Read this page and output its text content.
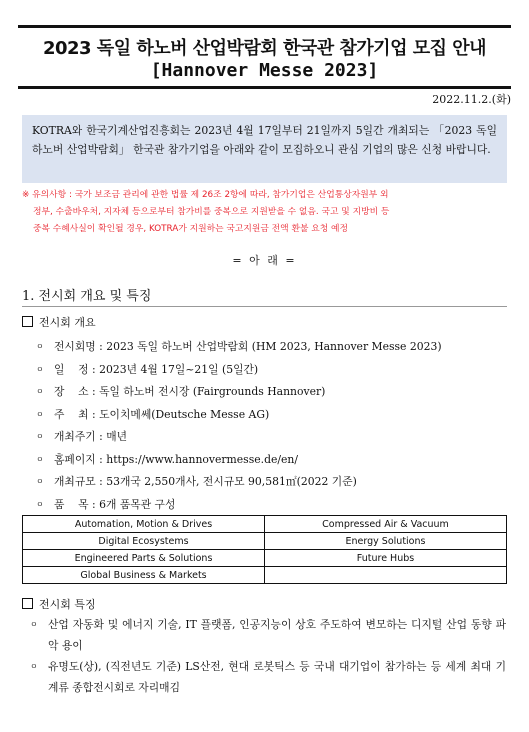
2023 독일 하노버 산업박람회 한국관 참가기업 모집 안내
[Hannover Messe 2023]
2022.11.2.(화)
KOTRA와 한국기계산업진흥회는 2023년 4월 17일부터 21일까지 5일간 개최되는 「2023 독일 하노버 산업박람회」 한국관 참가기업을 아래와 같이 모집하오니 관심 기업의 많은 신청 바랍니다.
※ 유의사항 : 국가 보조금 관리에 관한 법률 제 26조 2항에 따라, 참가기업은 산업통상자원부 외
정부, 수출바우처, 지자체 등으로부터 참가비를 중복으로 지원받을 수 없음. 국고 및 지방비 등
중복 수혜사실이 확인될 경우, KOTRA가 지원하는 국고지원금 전액 환불 요청 예정
= 아 래 =
1. 전시회 개요 및 특징
전시회 개요
ㅇ 전시회명 : 2023 독일 하노버 산업박람회 (HM 2023, Hannover Messe 2023)
ㅇ 일    정 : 2023년 4월 17일~21일 (5일간)
ㅇ 장    소 : 독일 하노버 전시장 (Fairgrounds Hannover)
ㅇ 주    최 : 도이치메쎄(Deutsche Messe AG)
ㅇ 개최주기 : 매년
ㅇ 홈페이지 : https://www.hannovermesse.de/en/
ㅇ 개최규모 : 53개국 2,550개사, 전시규모 90,581㎡(2022 기준)
ㅇ 품    목 : 6개 품목관 구성
Automation, Motion & Drives	Compressed Air & Vacuum
Digital Ecosystems	Energy Solutions
Engineered Parts & Solutions	Future Hubs
Global Business & Markets	
전시회 특징
ㅇ 산업 자동화 및 에너지 기술, IT 플랫폼, 인공지능이 상호 주도하여 변모하는 디지털 산업 동향 파악 용이
ㅇ 유명도(상), (직전년도 기준) LS산전, 현대 로봇틱스 등 국내 대기업이 참가하는 등 세계 최대 기계류 종합전시회로 자리매김
